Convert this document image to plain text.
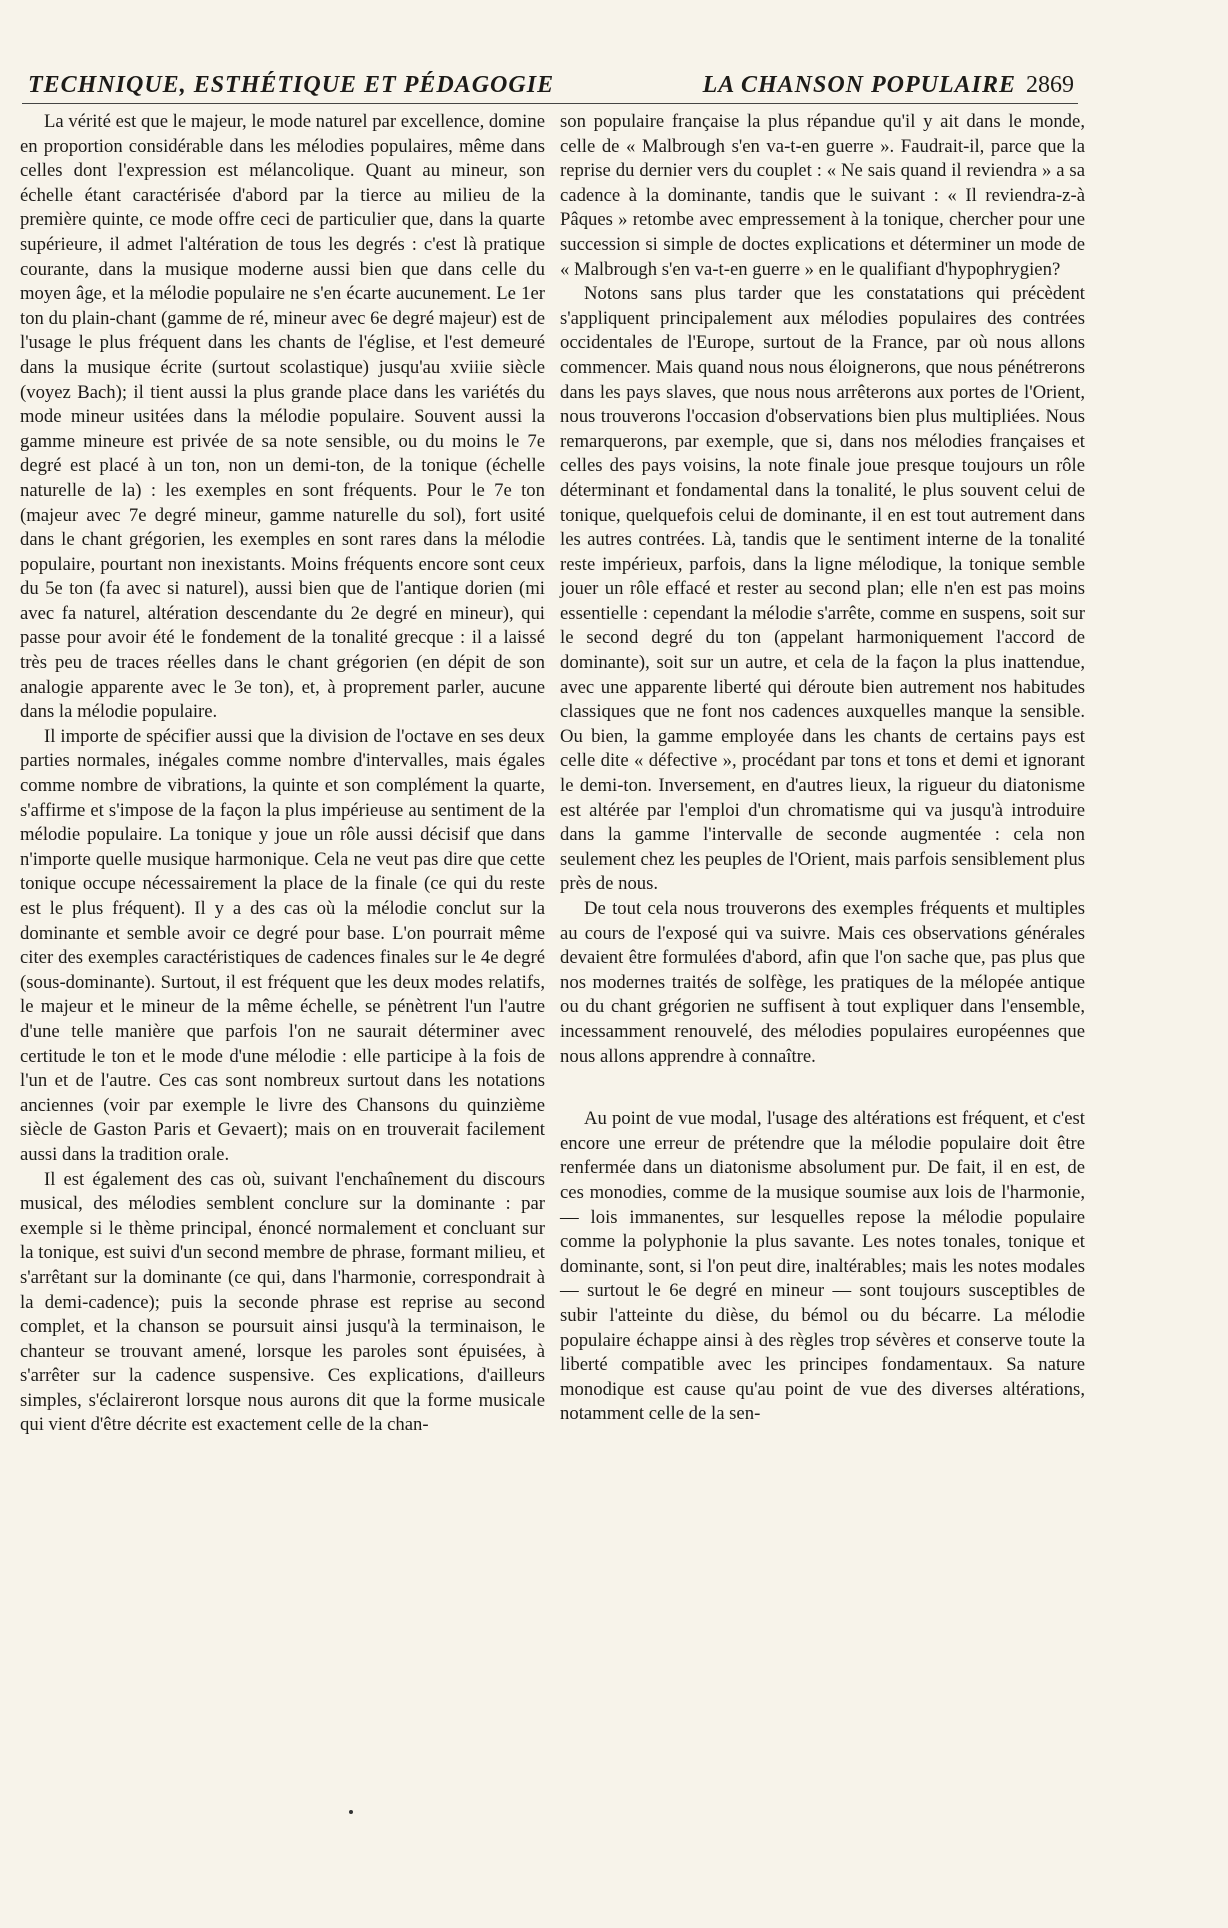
TECHNIQUE, ESTHÉTIQUE ET PÉDAGOGIE	LA CHANSON POPULAIRE 2869

La vérité est que le majeur, le mode naturel par excellence, domine en proportion considérable dans les mélodies populaires, même dans celles dont l'expression est mélancolique. Quant au mineur, son échelle étant caractérisée d'abord par la tierce au milieu de la première quinte, ce mode offre ceci de particulier que, dans la quarte supérieure, il admet l'altération de tous les degrés : c'est là pratique courante, dans la musique moderne aussi bien que dans celle du moyen âge, et la mélodie populaire ne s'en écarte aucunement. Le 1er ton du plain-chant (gamme de ré, mineur avec 6e degré majeur) est de l'usage le plus fréquent dans les chants de l'église, et l'est demeuré dans la musique écrite (surtout scolastique) jusqu'au xviiie siècle (voyez Bach); il tient aussi la plus grande place dans les variétés du mode mineur usitées dans la mélodie populaire. Souvent aussi la gamme mineure est privée de sa note sensible, ou du moins le 7e degré est placé à un ton, non un demi-ton, de la tonique (échelle naturelle de la) : les exemples en sont fréquents. Pour le 7e ton (majeur avec 7e degré mineur, gamme naturelle du sol), fort usité dans le chant grégorien, les exemples en sont rares dans la mélodie populaire, pourtant non inexistants. Moins fréquents encore sont ceux du 5e ton (fa avec si naturel), aussi bien que de l'antique dorien (mi avec fa naturel, altération descendante du 2e degré en mineur), qui passe pour avoir été le fondement de la tonalité grecque : il a laissé très peu de traces réelles dans le chant grégorien (en dépit de son analogie apparente avec le 3e ton), et, à proprement parler, aucune dans la mélodie populaire.

Il importe de spécifier aussi que la division de l'octave en ses deux parties normales, inégales comme nombre d'intervalles, mais égales comme nombre de vibrations, la quinte et son complément la quarte, s'affirme et s'impose de la façon la plus impérieuse au sentiment de la mélodie populaire. La tonique y joue un rôle aussi décisif que dans n'importe quelle musique harmonique. Cela ne veut pas dire que cette tonique occupe nécessairement la place de la finale (ce qui du reste est le plus fréquent). Il y a des cas où la mélodie conclut sur la dominante et semble avoir ce degré pour base. L'on pourrait même citer des exemples caractéristiques de cadences finales sur le 4e degré (sous-dominante). Surtout, il est fréquent que les deux modes relatifs, le majeur et le mineur de la même échelle, se pénètrent l'un l'autre d'une telle manière que parfois l'on ne saurait déterminer avec certitude le ton et le mode d'une mélodie : elle participe à la fois de l'un et de l'autre. Ces cas sont nombreux surtout dans les notations anciennes (voir par exemple le livre des Chansons du quinzième siècle de Gaston Paris et Gevaert); mais on en trouverait facilement aussi dans la tradition orale.

Il est également des cas où, suivant l'enchaînement du discours musical, des mélodies semblent conclure sur la dominante : par exemple si le thème principal, énoncé normalement et concluant sur la tonique, est suivi d'un second membre de phrase, formant milieu, et s'arrêtant sur la dominante (ce qui, dans l'harmonie, correspondrait à la demi-cadence); puis la seconde phrase est reprise au second complet, et la chanson se poursuit ainsi jusqu'à la terminaison, le chanteur se trouvant amené, lorsque les paroles sont épuisées, à s'arrêter sur la cadence suspensive. Ces explications, d'ailleurs simples, s'éclaireront lorsque nous aurons dit que la forme musicale qui vient d'être décrite est exactement celle de la chan-

son populaire française la plus répandue qu'il y ait dans le monde, celle de « Malbrough s'en va-t-en guerre ». Faudrait-il, parce que la reprise du dernier vers du couplet : « Ne sais quand il reviendra » a sa cadence à la dominante, tandis que le suivant : « Il reviendra-z-à Pâques » retombe avec empressement à la tonique, chercher pour une succession si simple de doctes explications et déterminer un mode de « Malbrough s'en va-t-en guerre » en le qualifiant d'hypophrygien?

Notons sans plus tarder que les constatations qui précèdent s'appliquent principalement aux mélodies populaires des contrées occidentales de l'Europe, surtout de la France, par où nous allons commencer. Mais quand nous nous éloignerons, que nous pénétrerons dans les pays slaves, que nous nous arrêterons aux portes de l'Orient, nous trouverons l'occasion d'observations bien plus multipliées. Nous remarquerons, par exemple, que si, dans nos mélodies françaises et celles des pays voisins, la note finale joue presque toujours un rôle déterminant et fondamental dans la tonalité, le plus souvent celui de tonique, quelquefois celui de dominante, il en est tout autrement dans les autres contrées. Là, tandis que le sentiment interne de la tonalité reste impérieux, parfois, dans la ligne mélodique, la tonique semble jouer un rôle effacé et rester au second plan; elle n'en est pas moins essentielle : cependant la mélodie s'arrête, comme en suspens, soit sur le second degré du ton (appelant harmoniquement l'accord de dominante), soit sur un autre, et cela de la façon la plus inattendue, avec une apparente liberté qui déroute bien autrement nos habitudes classiques que ne font nos cadences auxquelles manque la sensible. Ou bien, la gamme employée dans les chants de certains pays est celle dite « défective », procédant par tons et tons et demi et ignorant le demi-ton. Inversement, en d'autres lieux, la rigueur du diatonisme est altérée par l'emploi d'un chromatisme qui va jusqu'à introduire dans la gamme l'intervalle de seconde augmentée : cela non seulement chez les peuples de l'Orient, mais parfois sensiblement plus près de nous.

De tout cela nous trouverons des exemples fréquents et multiples au cours de l'exposé qui va suivre. Mais ces observations générales devaient être formulées d'abord, afin que l'on sache que, pas plus que nos modernes traités de solfège, les pratiques de la mélopée antique ou du chant grégorien ne suffisent à tout expliquer dans l'ensemble, incessamment renouvelé, des mélodies populaires européennes que nous allons apprendre à connaître.

Au point de vue modal, l'usage des altérations est fréquent, et c'est encore une erreur de prétendre que la mélodie populaire doit être renfermée dans un diatonisme absolument pur. De fait, il en est, de ces monodies, comme de la musique soumise aux lois de l'harmonie, — lois immanentes, sur lesquelles repose la mélodie populaire comme la polyphonie la plus savante. Les notes tonales, tonique et dominante, sont, si l'on peut dire, inaltérables; mais les notes modales — surtout le 6e degré en mineur — sont toujours susceptibles de subir l'atteinte du dièse, du bémol ou du bécarre. La mélodie populaire échappe ainsi à des règles trop sévères et conserve toute la liberté compatible avec les principes fondamentaux. Sa nature monodique est cause qu'au point de vue des diverses altérations, notamment celle de la sen-
